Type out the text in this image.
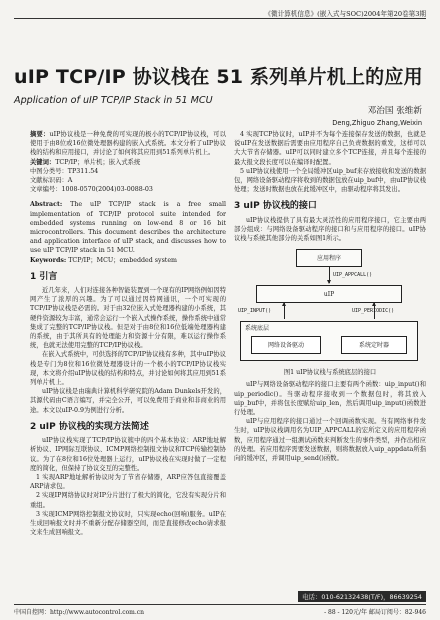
《微计算机信息》(嵌入式与SOC)2004年第20卷第3期
uIP TCP/IP 协议栈在 51 系列单片机上的应用
Application of uIP TCP/IP Stack in 51 MCU
邓治国 张维新
Deng,Zhiguo Zhang,Weixin

摘要：uIP协议栈是一种免费的可实现的极小的TCP/IP协议栈，可以使用于由8位或16位微处理器构建的嵌入式系统。本文分析了uIP协议栈的结构和应用接口，并讨论了如何将其应用到51系列单片机上。

关键词：TCP/IP；单片机；嵌入式系统

中图分类号：TP311.54

文献标识码：A

文章编号：1008-0570(2004)03-0088-03

Abstract: The uIP TCP/IP stack is a free small implementation of TCP/IP protocol suite intended for embedded systems running on low-end 8 or 16 bit microcontrollers. This document describes the architecture and application interface of uIP stack, and discusses how to use uIP TCP/IP stack in 51 MCU.
Keywords: TCP/IP；MCU；embedded system
1 引言

近几年来，人们对连接各种智能装置到一个现有的IP网络例如因特网产生了浓厚的兴趣。为了可以通过因特网通讯，一个可实现的TCP/IP协议栈是必需的。对于由32位嵌入式处理器构建的小系统，其硬件资源较为丰富，通常会运行一个嵌入式操作系统，操作系统中通常集成了完整的TCP/IP协议栈。但是对于由8位和16位低端处理器构建的系统，由于其所具有的处理能力和资源十分有限，难以运行操作系统，也就无法使用完整的TCP/IP协议栈。

在嵌入式系统中，可供选择的TCP/IP协议栈有多种，其中uIP协议栈是专门为8位和16位微处理器设计的一个极小的TCP/IP协议栈实现，本文将介绍uIP协议栈的结构和特点，并讨论如何将其应用到51系列单片机上。

uIP协议栈是由瑞典计算机科学研究院的Adam Dunkels开发的，其源代码由C语言编写，并完全公开，可以免费用于商业和非商业的用途。本文以uIP-0.9为例进行分析。

2 uIP 协议栈的实现方法简述

uIP协议栈实现了TCP/IP协议簇中的四个基本协议：ARP地址解析协议、IP网际互联协议、ICMP网络控制报文协议和TCP传输控制协议。为了在8位和16位处理器上运行，uIP协议栈在实现时做了一定程度的简化，但保持了协议交互的完整性。

1 实现ARP地址解析协议时为了节省存储器，ARP应答包直接覆盖ARP请求包。

2 实现IP网络协议时对IP分片进行了极大的简化，它没有实现分片和重组。

3 实现ICMP网络控制报文协议时，只实现echo(回响)服务。uIP在生成回响报文时并不重新分配存储器空间，而是直接修改echo请求报文来生成回响报文。

4 实现TCP协议时，uIP并不为每个连接保存发送的数据，也就是说uIP在发送数据后需要由应用程序自己负责数据的重发，这样可以大大节省存储器。uIP可以同时建立多个TCP连接，并且每个连接的最大报文段长度可以在编译时配置。

5 uIP协议栈使用一个全局缓冲区uip_buf来存放接收和发送的数据包，网络设备驱动程序将收到的数据包放在uip_buf中，由uIP协议栈处理；发送时数据也放在此缓冲区中，由驱动程序将其发出。

3 uIP 协议栈的接口

uIP协议栈提供了具有最大灵活性的应用程序接口，它主要由两部分组成：与网络设备驱动程序的接口和与应用程序的接口。uIP协议栈与系统其他部分的关系如图1所示。

应用程序
UIP_APPCALL()
uIP
UIP_INPUT()	UIP_PERIODIC()
系统底层
网络设备驱动	系统定时器
图1 uIP协议栈与系统底层的接口

uIP与网络设备驱动程序的接口主要有两个函数：uip_input()和uip_periodic()。当驱动程序接收到一个数据包时，将其放入uip_buf中，并将包长度赋给uip_len，然后调用uip_input()函数进行处理。

uIP与应用程序的接口通过一个回调函数实现。当有网络事件发生时，uIP协议栈调用名为UIP_APPCALL的宏所定义的应用程序函数，应用程序通过一组测试函数来判断发生的事件类型，并作出相应的处理。若应用程序需要发送数据，则将数据放入uip_appdata所指向的缓冲区，并调用uip_send()函数。

电话：010-62132438(T/F)，86639254
中国自控网：http://www.autocontrol.com.cn	- 88 - 120元/年 邮局订阅号：82-946
